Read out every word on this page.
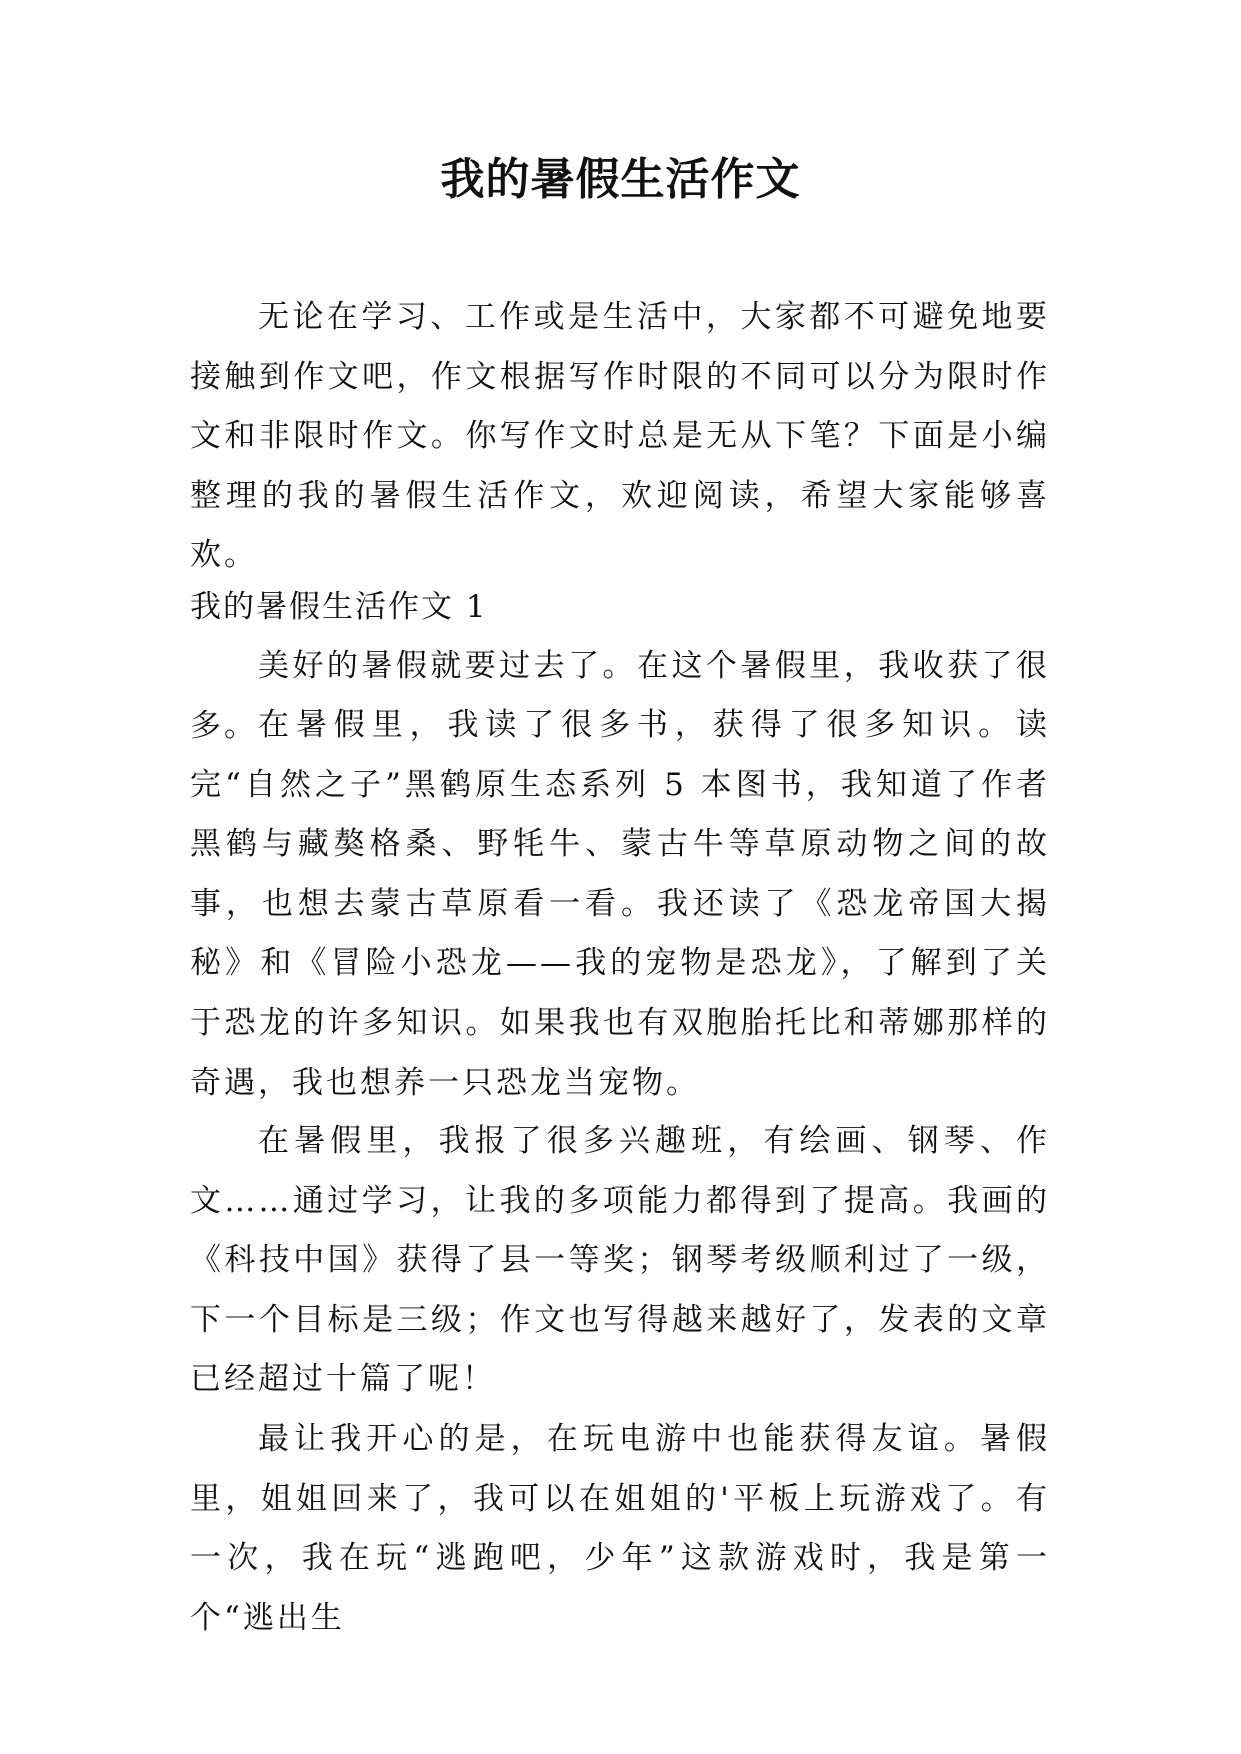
我的暑假生活作文

无论在学习、工作或是生活中，大家都不可避免地要接触到作文吧，作文根据写作时限的不同可以分为限时作文和非限时作文。你写作文时总是无从下笔？下面是小编整理的我的暑假生活作文，欢迎阅读，希望大家能够喜欢。

我的暑假生活作文 1

美好的暑假就要过去了。在这个暑假里，我收获了很多。 在暑假里，我读了很多书，获得了很多知识。读完“自然之子”黑鹤原生态系列 5 本图书，我知道了作者黑鹤与藏獒格桑、野牦牛、蒙古牛等草原动物之间的故事，也想去蒙古草原看一看。我还读了《恐龙帝国大揭秘》和《冒险小恐龙——我的宠物是恐龙》，了解到了关于恐龙的许多知识。如果我也有双胞胎托比和蒂娜那样的奇遇，我也想养一只恐龙当宠物。

在暑假里，我报了很多兴趣班，有绘画、钢琴、作文……通过学习，让我的多项能力都得到了提高。我画的《科技中国》获得了县一等奖；钢琴考级顺利过了一级，下一个目标是三级；作文也写得越来越好了，发表的文章已经超过十篇了呢！

最让我开心的是，在玩电游中也能获得友谊。暑假里，姐姐回来了，我可以在姐姐的'平板上玩游戏了。有一次，我在玩“逃跑吧，少年”这款游戏时，我是第一个“逃出生
